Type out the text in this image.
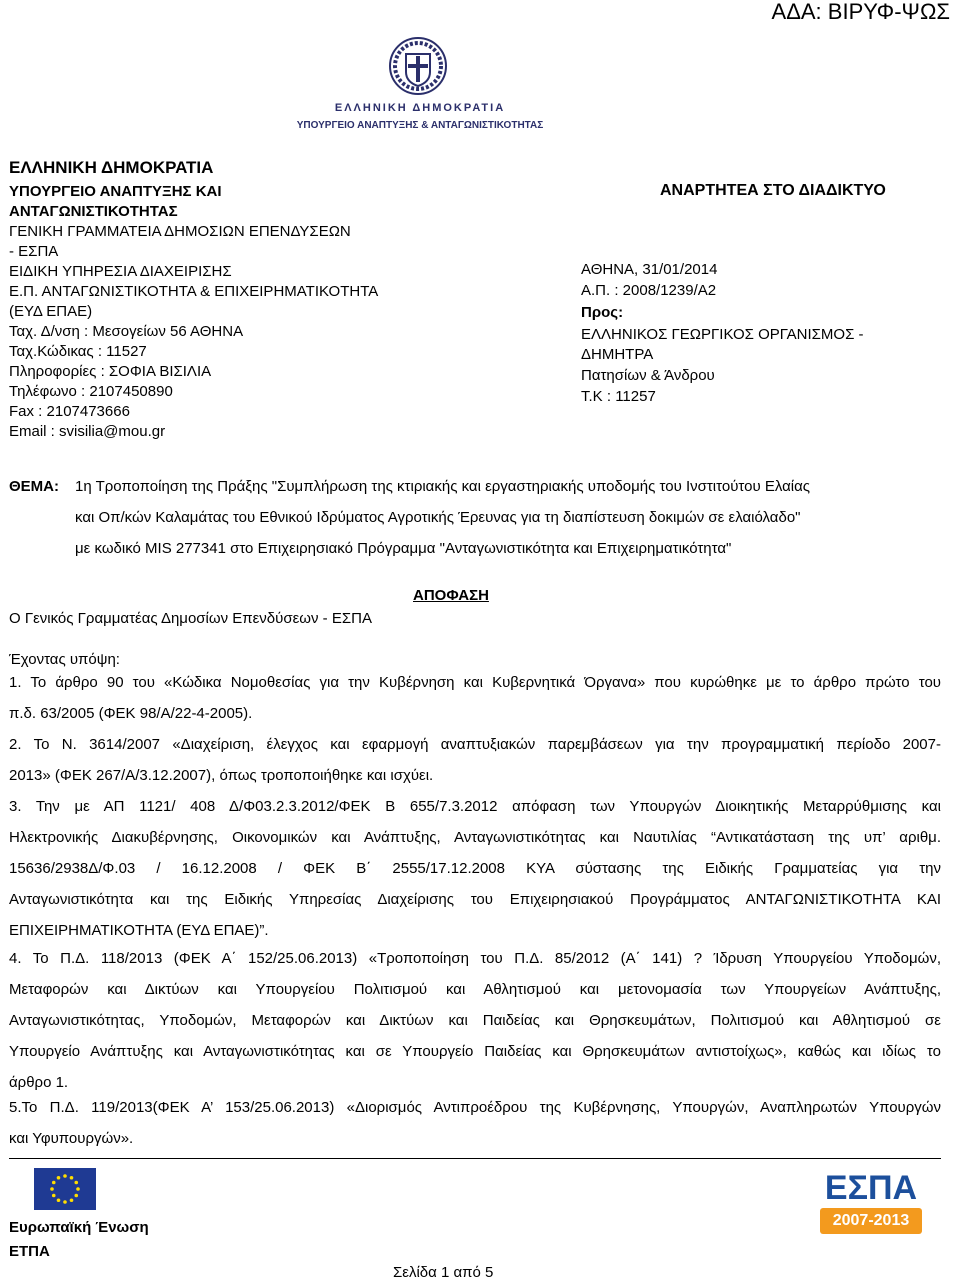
ΑΔΑ: ΒΙΡΥΦ-ΨΩΣ
ΕΛΛΗΝΙΚΗ ΔΗΜΟΚΡΑΤΙΑ
ΥΠΟΥΡΓΕΙΟ ΑΝΑΠΤΥΞΗΣ & ΑΝΤΑΓΩΝΙΣΤΙΚΟΤΗΤΑΣ
ΕΛΛΗΝΙΚΗ ΔΗΜΟΚΡΑΤΙΑ
ΥΠΟΥΡΓΕΙΟ ΑΝΑΠΤΥΞΗΣ ΚΑΙ
ΑΝΤΑΓΩΝΙΣΤΙΚΟΤΗΤΑΣ
ΓΕΝΙΚΗ ΓΡΑΜΜΑΤΕΙΑ ΔΗΜΟΣΙΩΝ ΕΠΕΝΔΥΣΕΩΝ
- ΕΣΠΑ
ΕΙΔΙΚΗ ΥΠΗΡΕΣΙΑ ΔΙΑΧΕΙΡΙΣΗΣ
Ε.Π. ΑΝΤΑΓΩΝΙΣΤΙΚΟΤΗΤΑ & ΕΠΙΧΕΙΡΗΜΑΤΙΚΟΤΗΤΑ
(ΕΥΔ ΕΠΑΕ)
Ταχ. Δ/νση : Μεσογείων 56 ΑΘΗΝΑ
Ταχ.Κώδικας : 11527
Πληροφορίες : ΣΟΦΙΑ ΒΙΣΙΛΙΑ
Τηλέφωνο : 2107450890
Fax : 2107473666
Email : svisilia@mou.gr
ΑΝΑΡΤΗΤΕΑ ΣΤΟ ΔΙΑΔΙΚΤΥΟ
ΑΘΗΝΑ, 31/01/2014
Α.Π. : 2008/1239/Α2
Προς:
ΕΛΛΗΝΙΚΟΣ ΓΕΩΡΓΙΚΟΣ ΟΡΓΑΝΙΣΜΟΣ -
ΔΗΜΗΤΡΑ
Πατησίων & Άνδρου
Τ.Κ : 11257
ΘΕΜΑ: 1η Τροποποίηση της Πράξης "Συμπλήρωση της κτιριακής και εργαστηριακής υποδομής του Ινστιτούτου Ελαίας
και Οπ/κών Καλαμάτας του Εθνικού Ιδρύματος Αγροτικής Έρευνας για τη διαπίστευση δοκιμών σε ελαιόλαδο"
με κωδικό MIS 277341 στο Επιχειρησιακό Πρόγραμμα "Ανταγωνιστικότητα και Επιχειρηματικότητα"
ΑΠΟΦΑΣΗ
Ο Γενικός Γραμματέας Δημοσίων Επενδύσεων - ΕΣΠΑ
Έχοντας υπόψη:
1. Το άρθρο 90 του «Κώδικα Νομοθεσίας για την Κυβέρνηση και Κυβερνητικά Όργανα» που κυρώθηκε με το άρθρο πρώτο του
π.δ. 63/2005 (ΦΕΚ 98/Α/22-4-2005).
2. Το Ν. 3614/2007 «Διαχείριση, έλεγχος και εφαρμογή αναπτυξιακών παρεμβάσεων για την προγραμματική περίοδο 2007-
2013» (ΦΕΚ 267/Α/3.12.2007), όπως τροποποιήθηκε και ισχύει.
3. Την με ΑΠ 1121/ 408 Δ/Φ03.2.3.2012/ΦΕΚ Β 655/7.3.2012 απόφαση των Υπουργών Διοικητικής Μεταρρύθμισης και
Ηλεκτρονικής Διακυβέρνησης, Οικονομικών και Ανάπτυξης, Ανταγωνιστικότητας και Ναυτιλίας “Αντικατάσταση της υπ’ αριθμ.
15636/2938Δ/Φ.03 / 16.12.2008 / ΦΕΚ Β΄ 2555/17.12.2008 ΚΥΑ σύστασης της Ειδικής Γραμματείας για την
Ανταγωνιστικότητα και της Ειδικής Υπηρεσίας Διαχείρισης του Επιχειρησιακού Προγράμματος ΑΝΤΑΓΩΝΙΣΤΙΚΟΤΗΤΑ ΚΑΙ
ΕΠΙΧΕΙΡΗΜΑΤΙΚΟΤΗΤΑ (ΕΥΔ ΕΠΑΕ)”.
4. Το Π.Δ. 118/2013 (ΦΕΚ Α΄ 152/25.06.2013) «Τροποποίηση του Π.Δ. 85/2012 (Α΄ 141) ? Ίδρυση Υπουργείου Υποδομών,
Μεταφορών και Δικτύων και Υπουργείου Πολιτισμού και Αθλητισμού και μετονομασία των Υπουργείων Ανάπτυξης,
Ανταγωνιστικότητας, Υποδομών, Μεταφορών και Δικτύων και Παιδείας και Θρησκευμάτων, Πολιτισμού και Αθλητισμού σε
Υπουργείο Ανάπτυξης και Ανταγωνιστικότητας και σε Υπουργείο Παιδείας και Θρησκευμάτων αντιστοίχως», καθώς και ιδίως το
άρθρο 1.
5.Το Π.Δ. 119/2013(ΦΕΚ Α’ 153/25.06.2013) «Διορισμός Αντιπροέδρου της Κυβέρνησης, Υπουργών, Αναπληρωτών Υπουργών
και Υφυπουργών».
Ευρωπαϊκή Ένωση
ΕΤΠΑ
ΕΣΠΑ
2007-2013
Σελίδα 1 από 5
